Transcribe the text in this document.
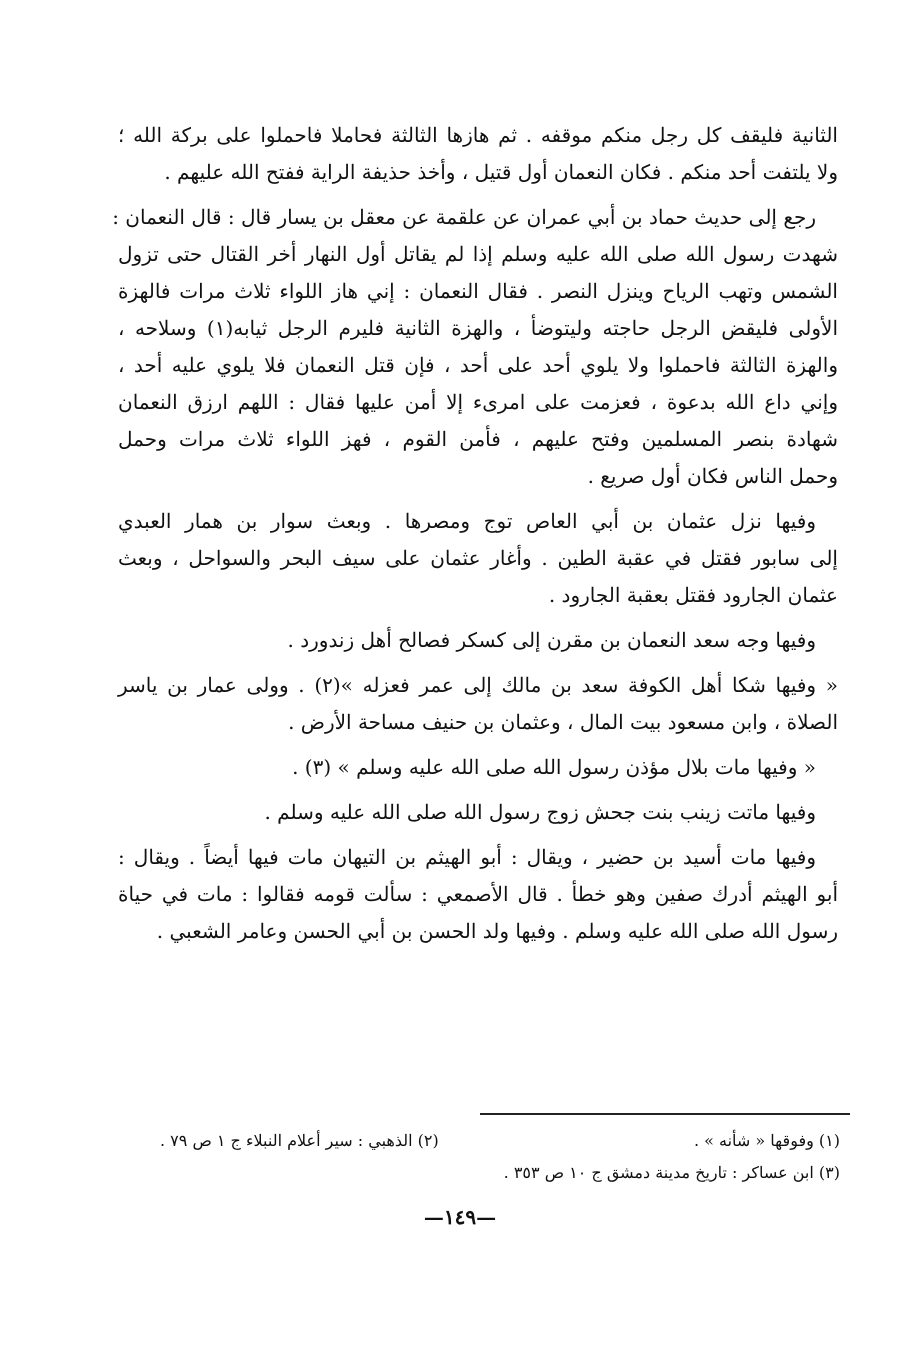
الثانية فليقف كل رجل منكم موقفه . ثم هازها الثالثة فحاملا فاحملوا على بركة الله ؛
ولا يلتفت أحد منكم . فكان النعمان أول قتيل ، وأخذ حذيفة الراية ففتح الله عليهم .
رجع إلى حديث حماد بن أبي عمران عن علقمة عن معقل بن يسار قال : قال النعمان :
شهدت رسول الله صلى الله عليه وسلم إذا لم يقاتل أول النهار أخر القتال حتى تزول
الشمس وتهب الرياح وينزل النصر . فقال النعمان : إني هاز اللواء ثلاث مرات فالهزة
الأولى فليقض الرجل حاجته وليتوضأ ، والهزة الثانية فليرم الرجل ثيابه(١) وسلاحه ،
والهزة الثالثة فاحملوا ولا يلوي أحد على أحد ، فإن قتل النعمان فلا يلوي عليه أحد ،
وإني داع الله بدعوة ، فعزمت على امرىء إلا أمن عليها فقال : اللهم ارزق النعمان
شهادة بنصر المسلمين وفتح عليهم ، فأمن القوم ، فهز اللواء ثلاث مرات وحمل
وحمل الناس فكان أول صريع .
وفيها نزل عثمان بن أبي العاص توج ومصرها . وبعث سوار بن همار العبدي
إلى سابور فقتل في عقبة الطين . وأغار عثمان على سيف البحر والسواحل ، وبعث
عثمان الجارود فقتل بعقبة الجارود .
وفيها وجه سعد النعمان بن مقرن إلى كسكر فصالح أهل زندورد .
« وفيها شكا أهل الكوفة سعد بن مالك إلى عمر فعزله »(٢) . وولى عمار بن ياسر
الصلاة ، وابن مسعود بيت المال ، وعثمان بن حنيف مساحة الأرض .
« وفيها مات بلال مؤذن رسول الله صلى الله عليه وسلم » (٣) .
وفيها ماتت زينب بنت جحش زوج رسول الله صلى الله عليه وسلم .
وفيها مات أسيد بن حضير ، ويقال : أبو الهيثم بن التيهان مات فيها أيضاً . ويقال :
أبو الهيثم أدرك صفين وهو خطأ . قال الأصمعي : سألت قومه فقالوا : مات في حياة
رسول الله صلى الله عليه وسلم . وفيها ولد الحسن بن أبي الحسن وعامر الشعبي .
(١) وفوقها « شأنه » .
(٢) الذهبي : سير أعلام النبلاء ج ١ ص ٧٩ .
(٣) ابن عساكر : تاريخ مدينة دمشق ج ١٠ ص ٣٥٣ .
—١٤٩—
